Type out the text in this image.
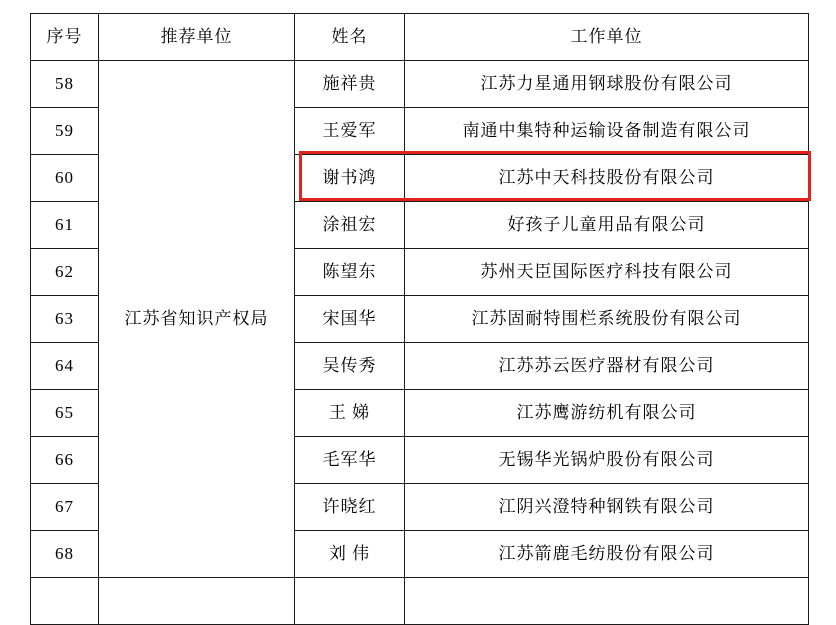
序号	推荐单位	姓名	工作单位
58	江苏省知识产权局	施祥贵	江苏力星通用钢球股份有限公司
59		王爱军	南通中集特种运输设备制造有限公司
60		谢书鸿	江苏中天科技股份有限公司
61		涂祖宏	好孩子儿童用品有限公司
62		陈望东	苏州天臣国际医疗科技有限公司
63		宋国华	江苏固耐特围栏系统股份有限公司
64		吴传秀	江苏苏云医疗器材有限公司
65		王 娣	江苏鹰游纺机有限公司
66		毛军华	无锡华光锅炉股份有限公司
67		许晓红	江阴兴澄特种钢铁有限公司
68		刘 伟	江苏箭鹿毛纺股份有限公司
